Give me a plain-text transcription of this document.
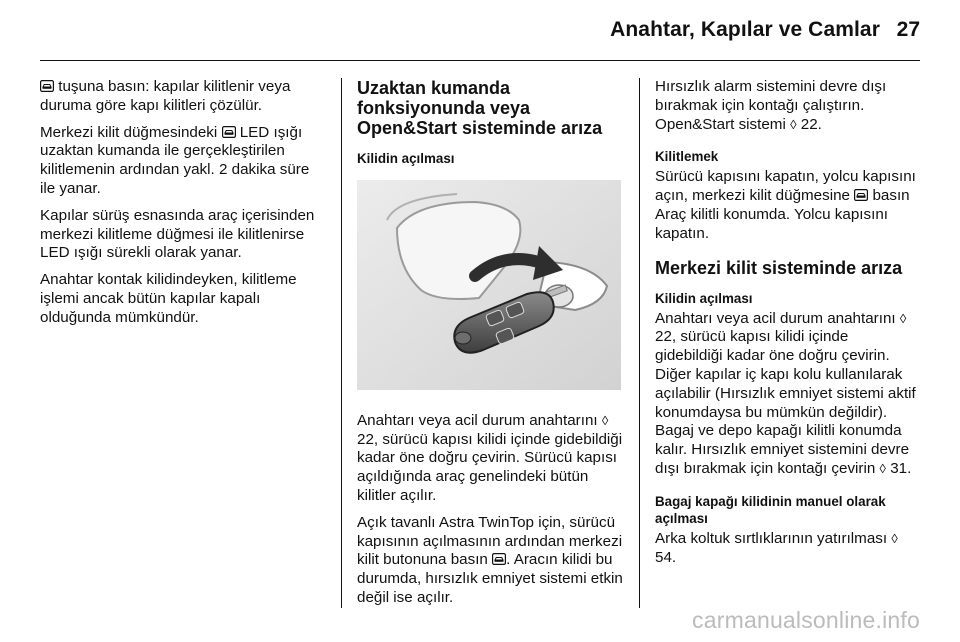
Anahtar, Kapılar ve Camlar 27

tuşuna basın: kapılar kilitlenir veya duruma göre kapı kilitleri çözülür.

Merkezi kilit düğmesindeki LED ışığı uzaktan kumanda ile gerçekleştirilen kilitlemenin ardından yakl. 2 dakika süre ile yanar.

Kapılar sürüş esnasında araç içerisinden merkezi kilitleme düğmesi ile kilitlenirse LED ışığı sürekli olarak yanar.

Anahtar kontak kilidindeyken, kilitleme işlemi ancak bütün kapılar kapalı olduğunda mümkündür.

Uzaktan kumanda fonksiyonunda veya Open&Start sisteminde arıza
Kilidin açılması

Anahtarı veya acil durum anahtarını ◊ 22, sürücü kapısı kilidi içinde gidebildiği kadar öne doğru çevirin. Sürücü kapısı açıldığında araç genelindeki bütün kilitler açılır.

Açık tavanlı Astra TwinTop için, sürücü kapısının açılmasının ardından merkezi kilit butonuna basın . Aracın kilidi bu durumda, hırsızlık emniyet sistemi etkin değil ise açılır.

Hırsızlık alarm sistemini devre dışı bırakmak için kontağı çalıştırın. Open&Start sistemi ◊ 22.

Kilitlemek

Sürücü kapısını kapatın, yolcu kapısını açın, merkezi kilit düğmesine basın Araç kilitli konumda. Yolcu kapısını kapatın.

Merkezi kilit sisteminde arıza
Kilidin açılması

Anahtarı veya acil durum anahtarını ◊ 22, sürücü kapısı kilidi içinde gidebildiği kadar öne doğru çevirin. Diğer kapılar iç kapı kolu kullanılarak açılabilir (Hırsızlık emniyet sistemi aktif konumdaysa bu mümkün değildir). Bagaj ve depo kapağı kilitli konumda kalır. Hırsızlık emniyet sistemini devre dışı bırakmak için kontağı çevirin ◊ 31.

Bagaj kapağı kilidinin manuel olarak açılması

Arka koltuk sırtlıklarının yatırılması ◊ 54.

carmanualsonline.info
